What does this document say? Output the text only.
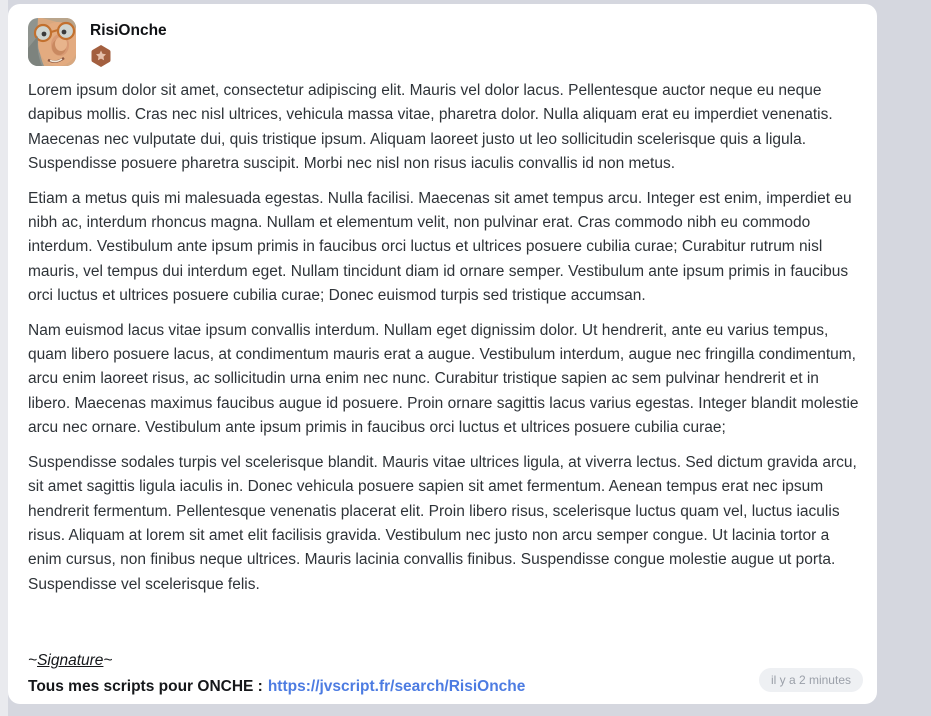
RisiOnche

Lorem ipsum dolor sit amet, consectetur adipiscing elit. Mauris vel dolor lacus. Pellentesque auctor neque eu neque dapibus mollis. Cras nec nisl ultrices, vehicula massa vitae, pharetra dolor. Nulla aliquam erat eu imperdiet venenatis. Maecenas nec vulputate dui, quis tristique ipsum. Aliquam laoreet justo ut leo sollicitudin scelerisque quis a ligula. Suspendisse posuere pharetra suscipit. Morbi nec nisl non risus iaculis convallis id non metus.

Etiam a metus quis mi malesuada egestas. Nulla facilisi. Maecenas sit amet tempus arcu. Integer est enim, imperdiet eu nibh ac, interdum rhoncus magna. Nullam et elementum velit, non pulvinar erat. Cras commodo nibh eu commodo interdum. Vestibulum ante ipsum primis in faucibus orci luctus et ultrices posuere cubilia curae; Curabitur rutrum nisl mauris, vel tempus dui interdum eget. Nullam tincidunt diam id ornare semper. Vestibulum ante ipsum primis in faucibus orci luctus et ultrices posuere cubilia curae; Donec euismod turpis sed tristique accumsan.

Nam euismod lacus vitae ipsum convallis interdum. Nullam eget dignissim dolor. Ut hendrerit, ante eu varius tempus, quam libero posuere lacus, at condimentum mauris erat a augue. Vestibulum interdum, augue nec fringilla condimentum, arcu enim laoreet risus, ac sollicitudin urna enim nec nunc. Curabitur tristique sapien ac sem pulvinar hendrerit et in libero. Maecenas maximus faucibus augue id posuere. Proin ornare sagittis lacus varius egestas. Integer blandit molestie arcu nec ornare. Vestibulum ante ipsum primis in faucibus orci luctus et ultrices posuere cubilia curae;

Suspendisse sodales turpis vel scelerisque blandit. Mauris vitae ultrices ligula, at viverra lectus. Sed dictum gravida arcu, sit amet sagittis ligula iaculis in. Donec vehicula posuere sapien sit amet fermentum. Aenean tempus erat nec ipsum hendrerit fermentum. Pellentesque venenatis placerat elit. Proin libero risus, scelerisque luctus quam vel, luctus iaculis risus. Aliquam at lorem sit amet elit facilisis gravida. Vestibulum nec justo non arcu semper congue. Ut lacinia tortor a enim cursus, non finibus neque ultrices. Mauris lacinia convallis finibus. Suspendisse congue molestie augue ut porta. Suspendisse vel scelerisque felis.

~Signature~
Tous mes scripts pour ONCHE : https://jvscript.fr/search/RisiOnche	il y a 2 minutes
